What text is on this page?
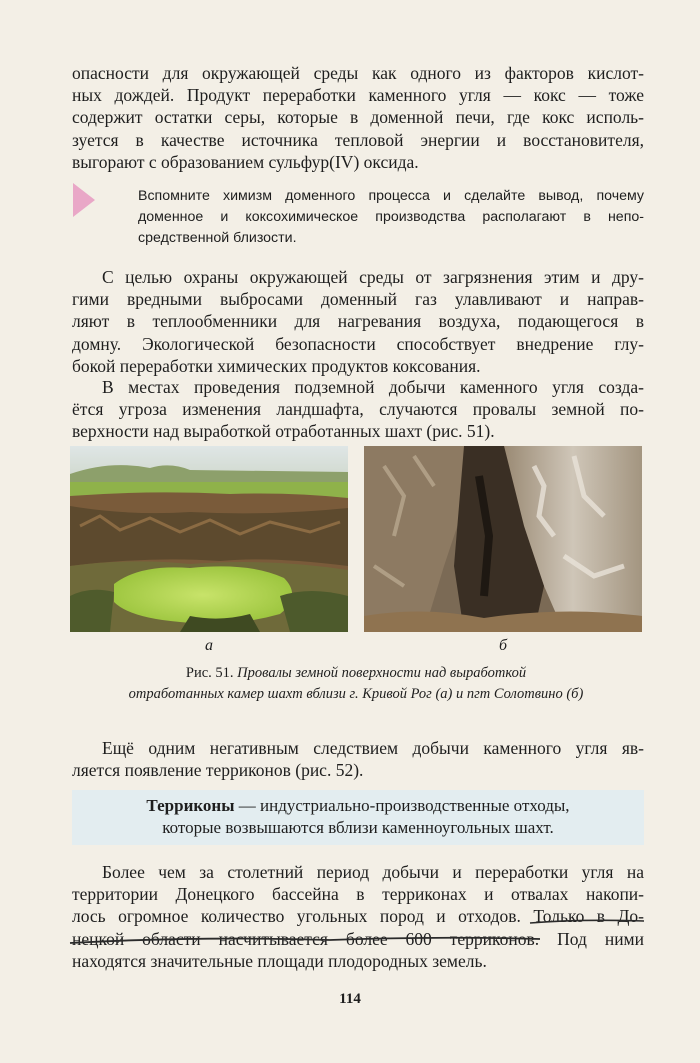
опасности для окружающей среды как одного из факторов кислот-
ных дождей. Продукт переработки каменного угля — кокс — тоже
содержит остатки серы, которые в доменной печи, где кокс исполь-
зуется в качестве источника тепловой энергии и восстановителя,
выгорают с образованием сульфур(IV) оксида.
Вспомните химизм доменного процесса и сделайте вывод, почему
доменное и коксохимическое производства располагают в непо-
средственной близости.
С целью охраны окружающей среды от загрязнения этим и дру-
гими вредными выбросами доменный газ улавливают и направ-
ляют в теплообменники для нагревания воздуха, подающегося в
домну. Экологической безопасности способствует внедрение глу-
бокой переработки химических продуктов коксования.
В местах проведения подземной добычи каменного угля созда-
ётся угроза изменения ландшафта, случаются провалы земной по-
верхности над выработкой отработанных шахт (рис. 51).
а	б
Рис. 51. Провалы земной поверхности над выработкой
отработанных камер шахт вблизи г. Кривой Рог (а) и пгт Солотвино (б)
Ещё одним негативным следствием добычи каменного угля яв-
ляется появление терриконов (рис. 52).
Терриконы — индустриально-производственные отходы,
которые возвышаются вблизи каменноугольных шахт.
Более чем за столетний период добычи и переработки угля на
территории Донецкого бассейна в терриконах и отвалах накопи-
лось огромное количество угольных пород и отходов. Только в До-
нецкой области насчитывается более 600 терриконов. Под ними
находятся значительные площади плодородных земель.
114
